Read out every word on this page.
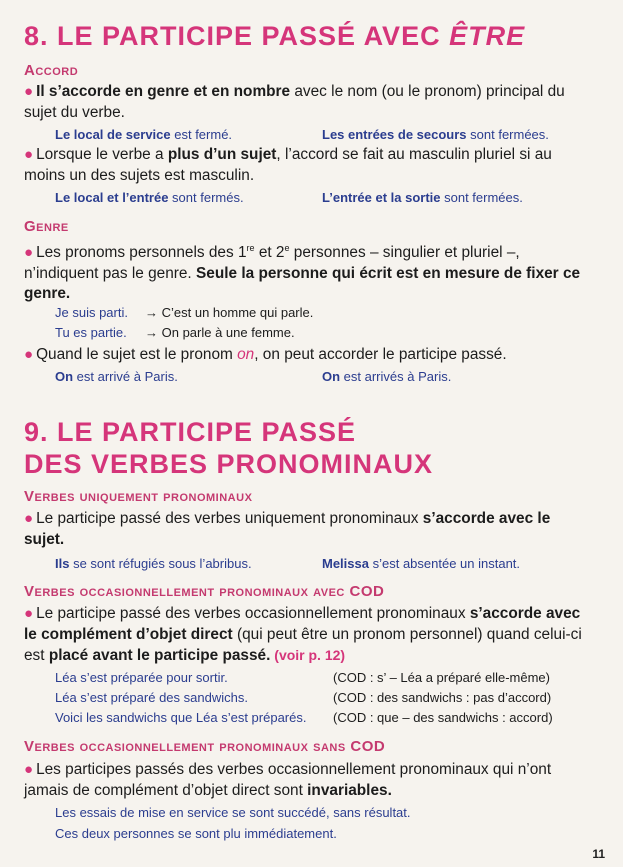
8. LE PARTICIPE PASSÉ AVEC ÊTRE
Accord

● Il s’accorde en genre et en nombre avec le nom (ou le pronom) principal du sujet du verbe.

Le local de service est fermé.	Les entrées de secours sont fermées.

● Lorsque le verbe a plus d’un sujet, l’accord se fait au masculin pluriel si au moins un des sujets est masculin.

Le local et l’entrée sont fermés.	L’entrée et la sortie sont fermées.
Genre

● Les pronoms personnels des 1re et 2e personnes – singulier et pluriel –, n’indiquent pas le genre. Seule la personne qui écrit est en mesure de fixer ce genre.

Je suis parti. → C’est un homme qui parle.
Tu es partie. → On parle à une femme.

● Quand le sujet est le pronom on, on peut accorder le participe passé.

On est arrivé à Paris.	On est arrivés à Paris.
9. LE PARTICIPE PASSÉ
DES VERBES PRONOMINAUX
Verbes uniquement pronominaux

● Le participe passé des verbes uniquement pronominaux s’accorde avec le sujet.

Ils se sont réfugiés sous l’abribus.	Melissa s’est absentée un instant.
Verbes occasionnellement pronominaux avec COD

● Le participe passé des verbes occasionnellement pronominaux s’accorde avec le complément d’objet direct (qui peut être un pronom personnel) quand celui-ci est placé avant le participe passé. (voir p. 12)

Léa s’est préparée pour sortir.	(COD : s’ – Léa a préparé elle-même)
Léa s’est préparé des sandwichs.	(COD : des sandwichs : pas d’accord)
Voici les sandwichs que Léa s’est préparés. (COD : que – des sandwichs : accord)
Verbes occasionnellement pronominaux sans COD

● Les participes passés des verbes occasionnellement pronominaux qui n’ont jamais de complément d’objet direct sont invariables.

Les essais de mise en service se sont succédé, sans résultat.
Ces deux personnes se sont plu immédiatement.
11
